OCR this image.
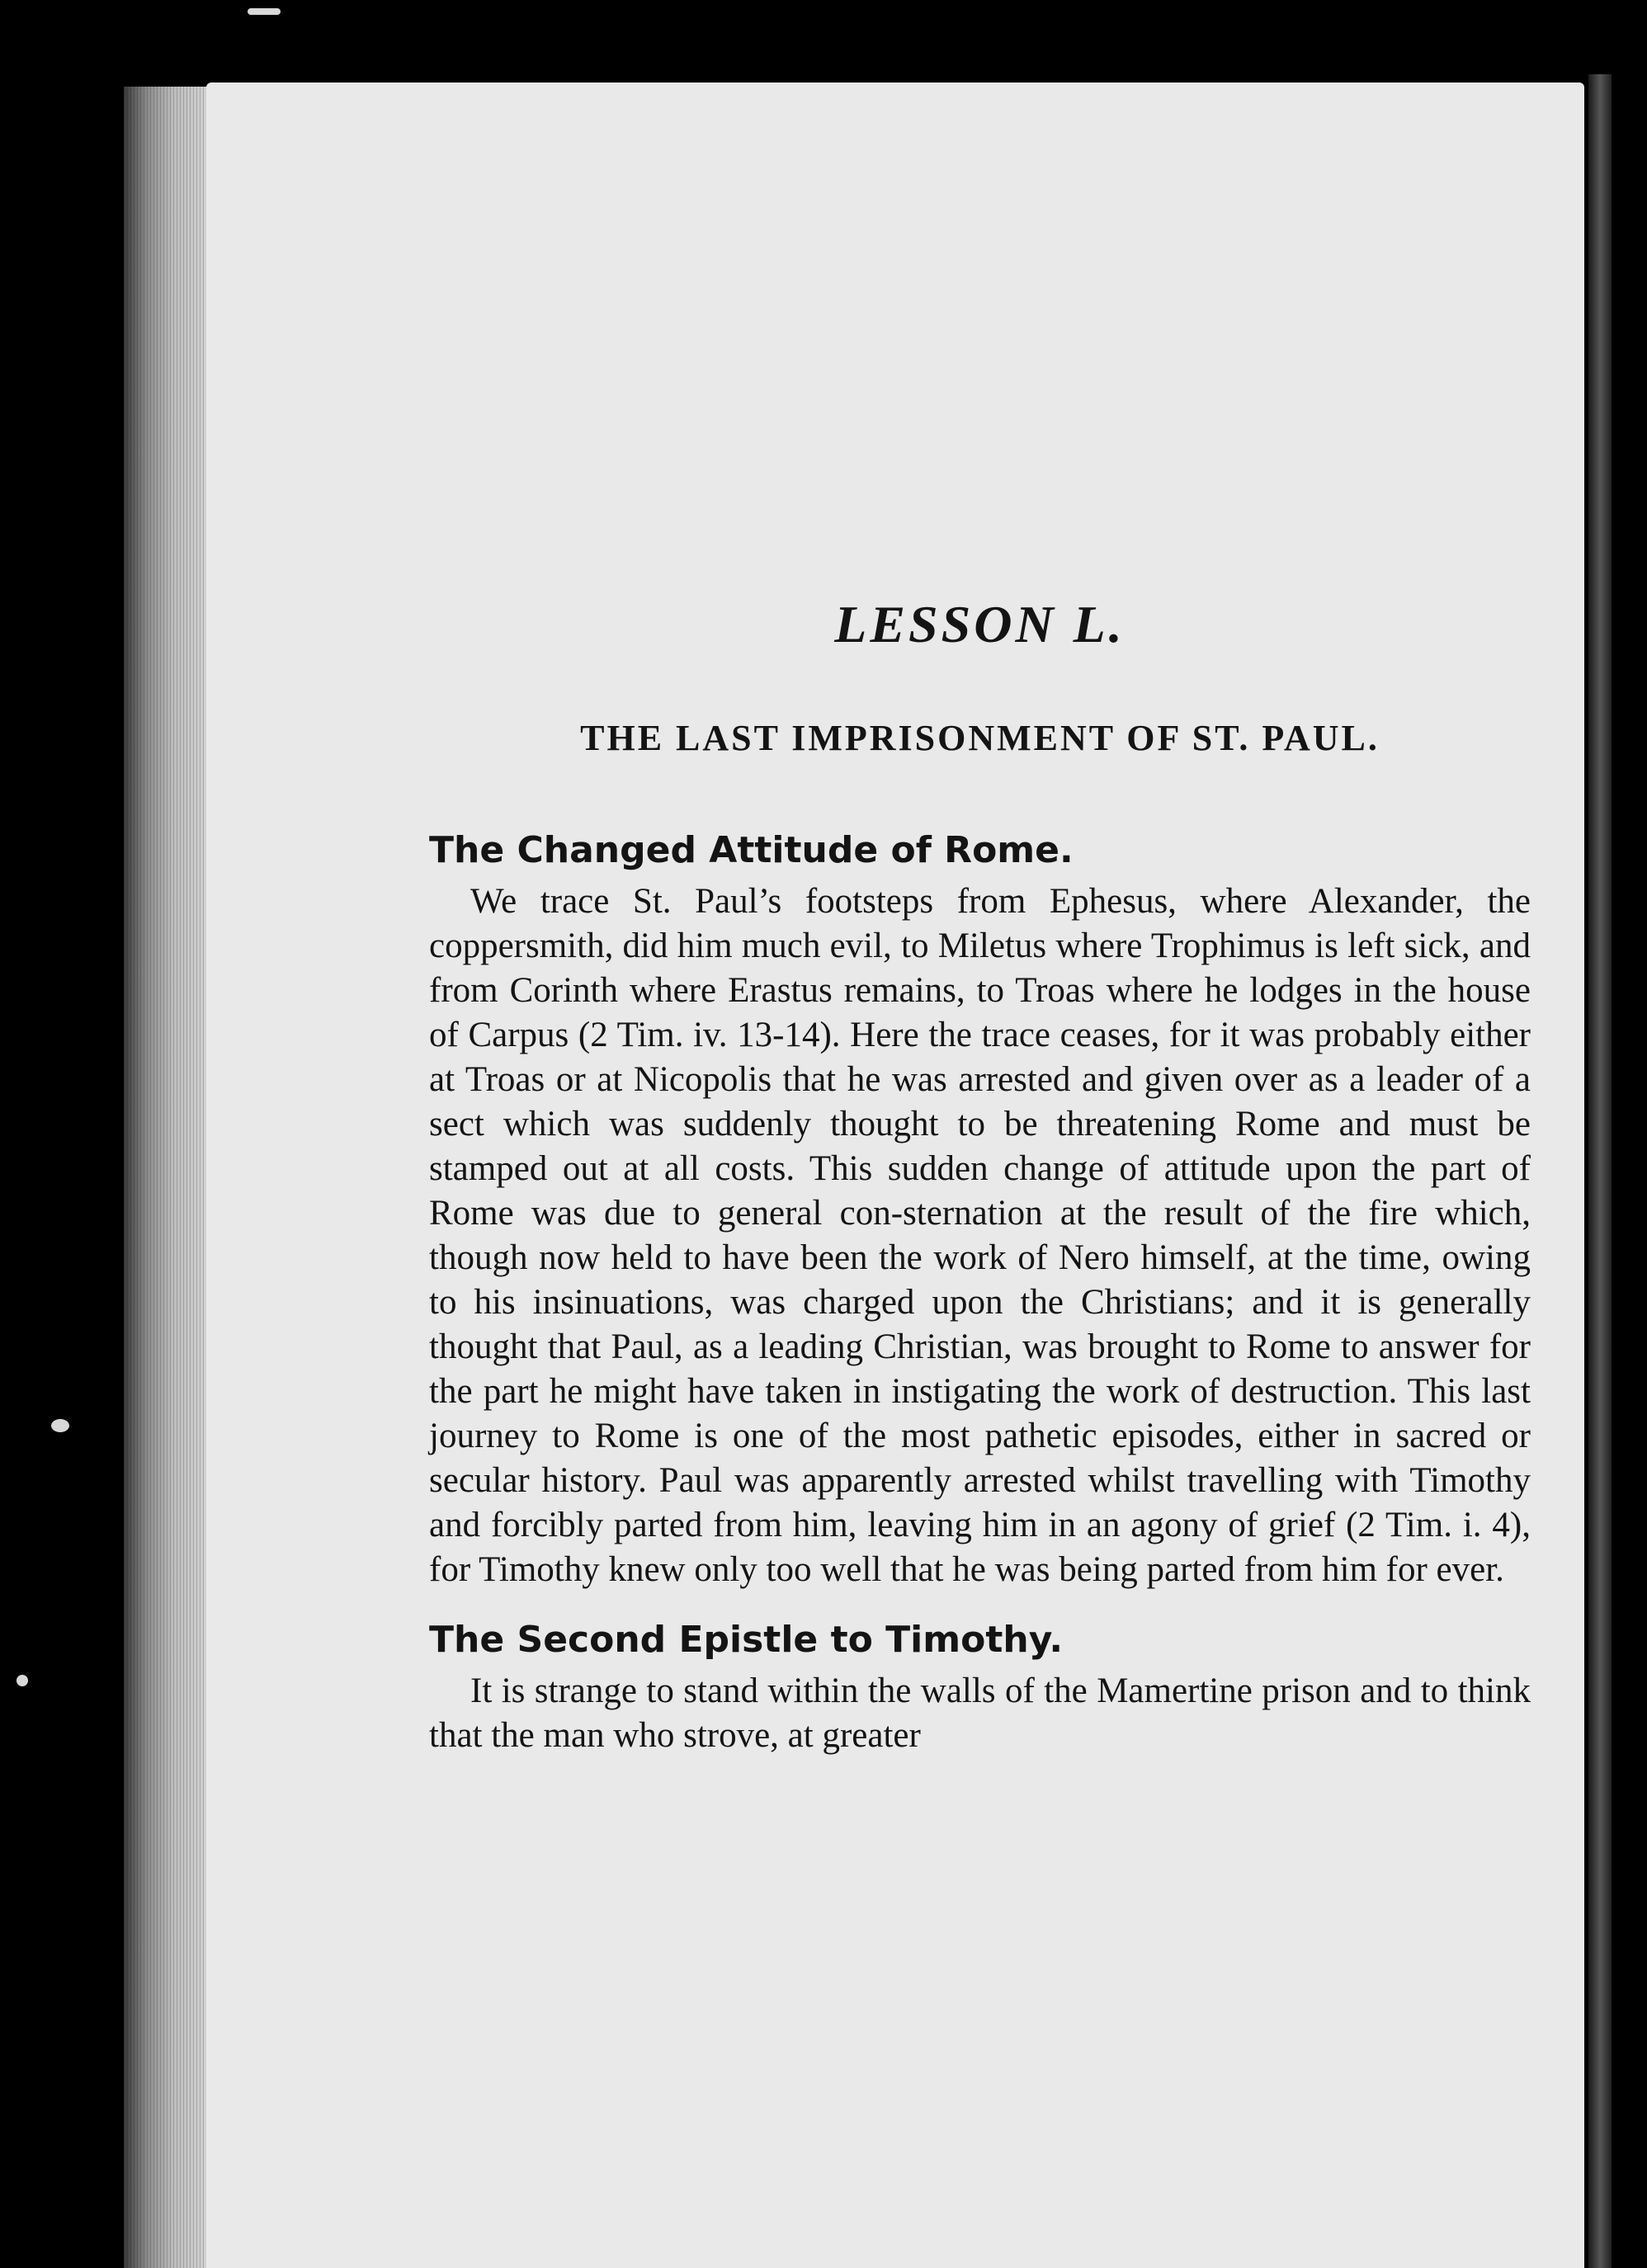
LESSON L.
THE LAST IMPRISONMENT OF ST. PAUL.
The Changed Attitude of Rome.

We trace St. Paul’s footsteps from Ephesus, where Alexander, the coppersmith, did him much evil, to Miletus where Trophimus is left sick, and from Corinth where Erastus remains, to Troas where he lodges in the house of Carpus (2 Tim. iv. 13-14). Here the trace ceases, for it was probably either at Troas or at Nicopolis that he was arrested and given over as a leader of a sect which was suddenly thought to be threatening Rome and must be stamped out at all costs. This sudden change of attitude upon the part of Rome was due to general con-sternation at the result of the fire which, though now held to have been the work of Nero himself, at the time, owing to his insinuations, was charged upon the Christians; and it is generally thought that Paul, as a leading Christian, was brought to Rome to answer for the part he might have taken in instigating the work of destruction. This last journey to Rome is one of the most pathetic episodes, either in sacred or secular history. Paul was apparently arrested whilst travelling with Timothy and forcibly parted from him, leaving him in an agony of grief (2 Tim. i. 4), for Timothy knew only too well that he was being parted from him for ever.

The Second Epistle to Timothy.

It is strange to stand within the walls of the Mamertine prison and to think that the man who strove, at greater
